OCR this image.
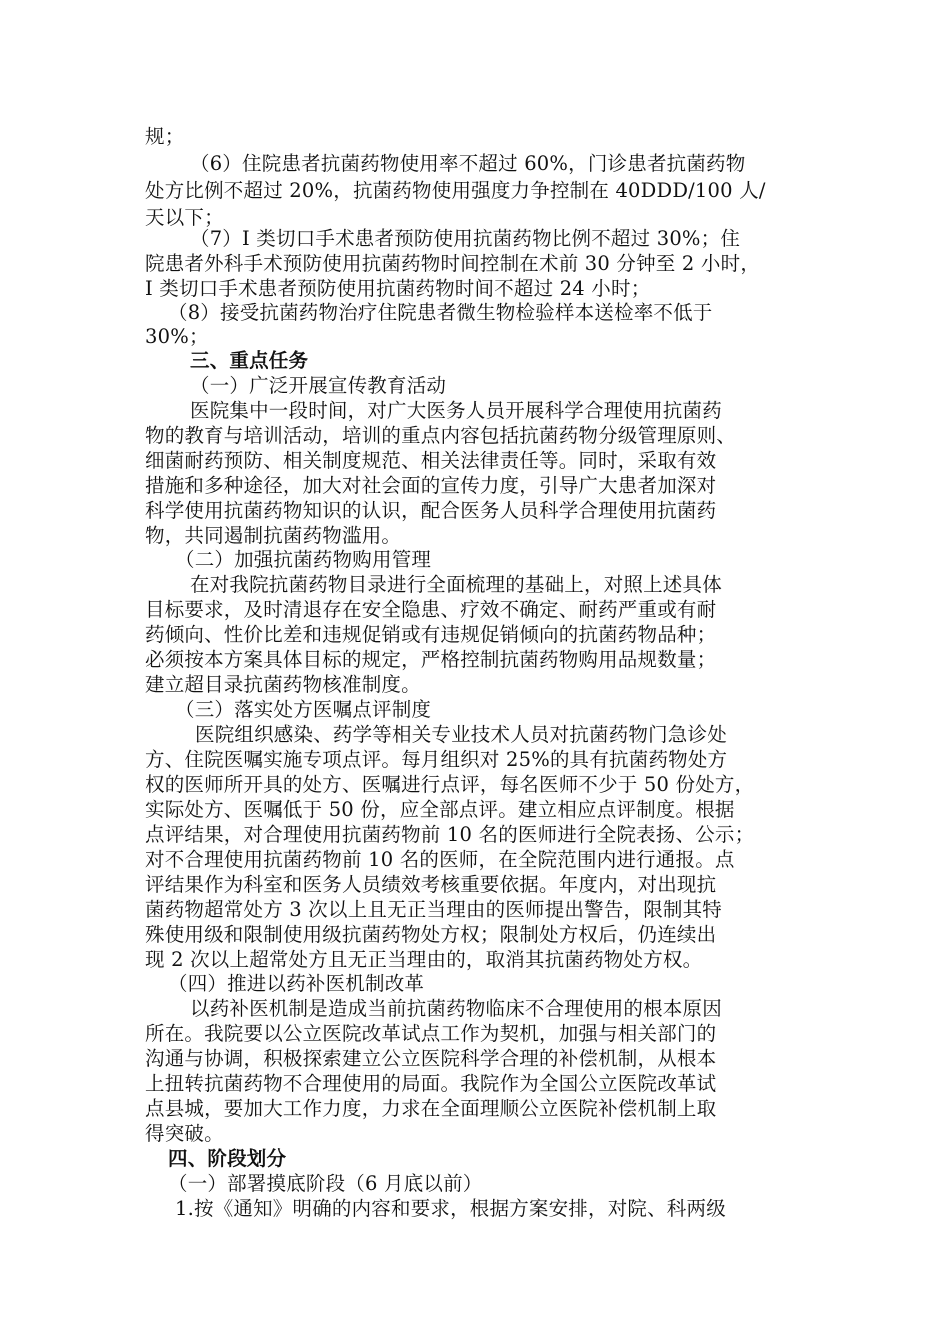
规；
（6）住院患者抗菌药物使用率不超过 60%，门诊患者抗菌药物
处方比例不超过 20%，抗菌药物使用强度力争控制在 40DDD/100 人/
天以下；
（7）I 类切口手术患者预防使用抗菌药物比例不超过 30%；住
院患者外科手术预防使用抗菌药物时间控制在术前 30 分钟至 2 小时，
I 类切口手术患者预防使用抗菌药物时间不超过 24 小时；
（8）接受抗菌药物治疗住院患者微生物检验样本送检率不低于
30%；
三、重点任务
（一）广泛开展宣传教育活动
医院集中一段时间，对广大医务人员开展科学合理使用抗菌药
物的教育与培训活动，培训的重点内容包括抗菌药物分级管理原则、
细菌耐药预防、相关制度规范、相关法律责任等。同时，采取有效
措施和多种途径，加大对社会面的宣传力度，引导广大患者加深对
科学使用抗菌药物知识的认识，配合医务人员科学合理使用抗菌药
物，共同遏制抗菌药物滥用。
（二）加强抗菌药物购用管理
在对我院抗菌药物目录进行全面梳理的基础上，对照上述具体
目标要求，及时清退存在安全隐患、疗效不确定、耐药严重或有耐
药倾向、性价比差和违规促销或有违规促销倾向的抗菌药物品种；
必须按本方案具体目标的规定，严格控制抗菌药物购用品规数量；
建立超目录抗菌药物核准制度。
（三）落实处方医嘱点评制度
医院组织感染、药学等相关专业技术人员对抗菌药物门急诊处
方、住院医嘱实施专项点评。每月组织对 25%的具有抗菌药物处方
权的医师所开具的处方、医嘱进行点评，每名医师不少于 50 份处方，
实际处方、医嘱低于 50 份，应全部点评。建立相应点评制度。根据
点评结果，对合理使用抗菌药物前 10 名的医师进行全院表扬、公示；
对不合理使用抗菌药物前 10 名的医师，在全院范围内进行通报。点
评结果作为科室和医务人员绩效考核重要依据。年度内，对出现抗
菌药物超常处方 3 次以上且无正当理由的医师提出警告，限制其特
殊使用级和限制使用级抗菌药物处方权；限制处方权后，仍连续出
现 2 次以上超常处方且无正当理由的，取消其抗菌药物处方权。
（四）推进以药补医机制改革
以药补医机制是造成当前抗菌药物临床不合理使用的根本原因
所在。我院要以公立医院改革试点工作为契机，加强与相关部门的
沟通与协调，积极探索建立公立医院科学合理的补偿机制，从根本
上扭转抗菌药物不合理使用的局面。我院作为全国公立医院改革试
点县城，要加大工作力度，力求在全面理顺公立医院补偿机制上取
得突破。
四、阶段划分
（一）部署摸底阶段（6 月底以前）
1.按《通知》明确的内容和要求，根据方案安排，对院、科两级
